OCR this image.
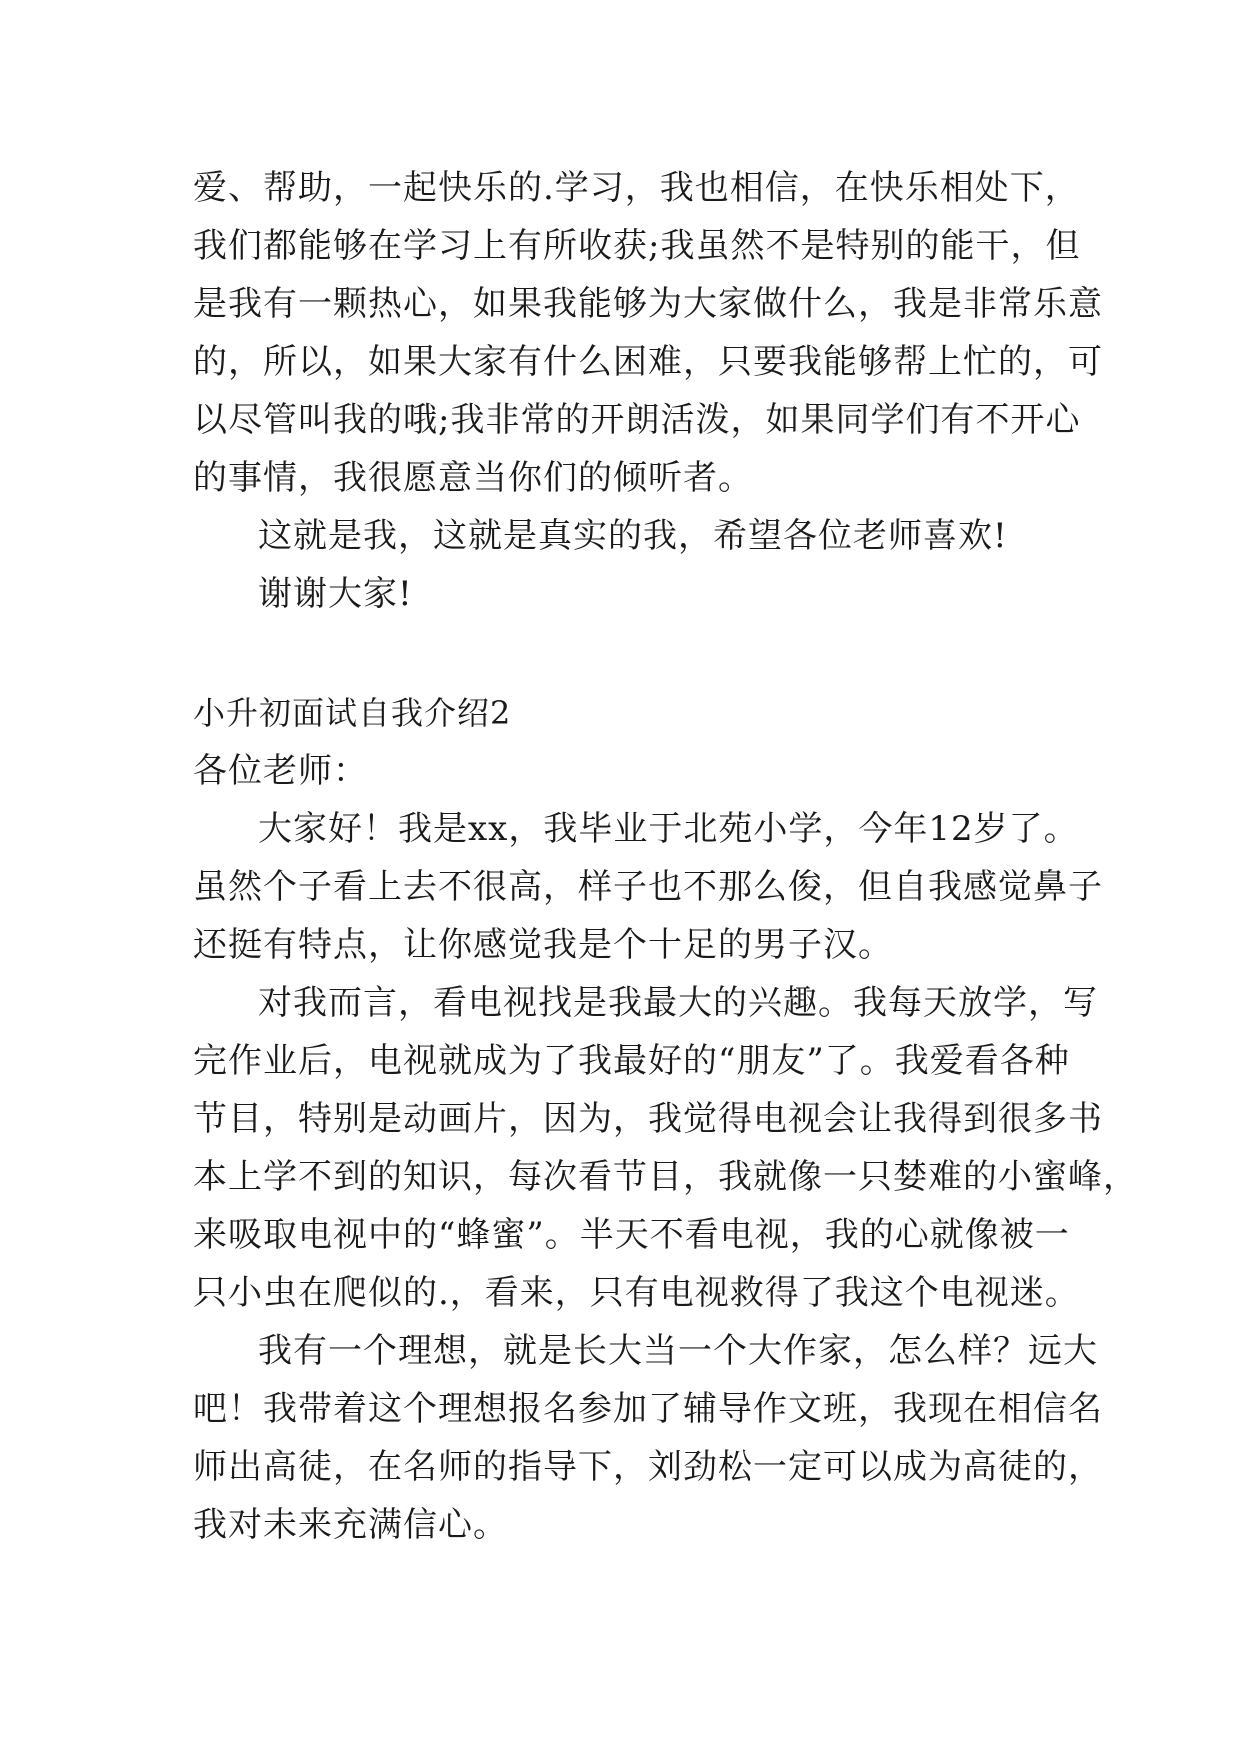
爱、帮助，一起快乐的.学习，我也相信，在快乐相处下，
我们都能够在学习上有所收获;我虽然不是特别的能干，但
是我有一颗热心，如果我能够为大家做什么，我是非常乐意
的，所以，如果大家有什么困难，只要我能够帮上忙的，可
以尽管叫我的哦;我非常的开朗活泼，如果同学们有不开心
的事情，我很愿意当你们的倾听者。
这就是我，这就是真实的我，希望各位老师喜欢!
谢谢大家!
小升初面试自我介绍2
各位老师：
大家好！我是xx，我毕业于北苑小学，今年12岁了。
虽然个子看上去不很高，样子也不那么俊，但自我感觉鼻子
还挺有特点，让你感觉我是个十足的男子汉。
对我而言，看电视找是我最大的兴趣。我每天放学，写
完作业后，电视就成为了我最好的“朋友”了。我爱看各种
节目，特别是动画片，因为，我觉得电视会让我得到很多书
本上学不到的知识，每次看节目，我就像一只婪难的小蜜峰，
来吸取电视中的“蜂蜜”。半天不看电视，我的心就像被一
只小虫在爬似的.，看来，只有电视救得了我这个电视迷。
我有一个理想，就是长大当一个大作家，怎么样？远大
吧！我带着这个理想报名参加了辅导作文班，我现在相信名
师出高徒，在名师的指导下，刘劲松一定可以成为高徒的，
我对未来充满信心。
